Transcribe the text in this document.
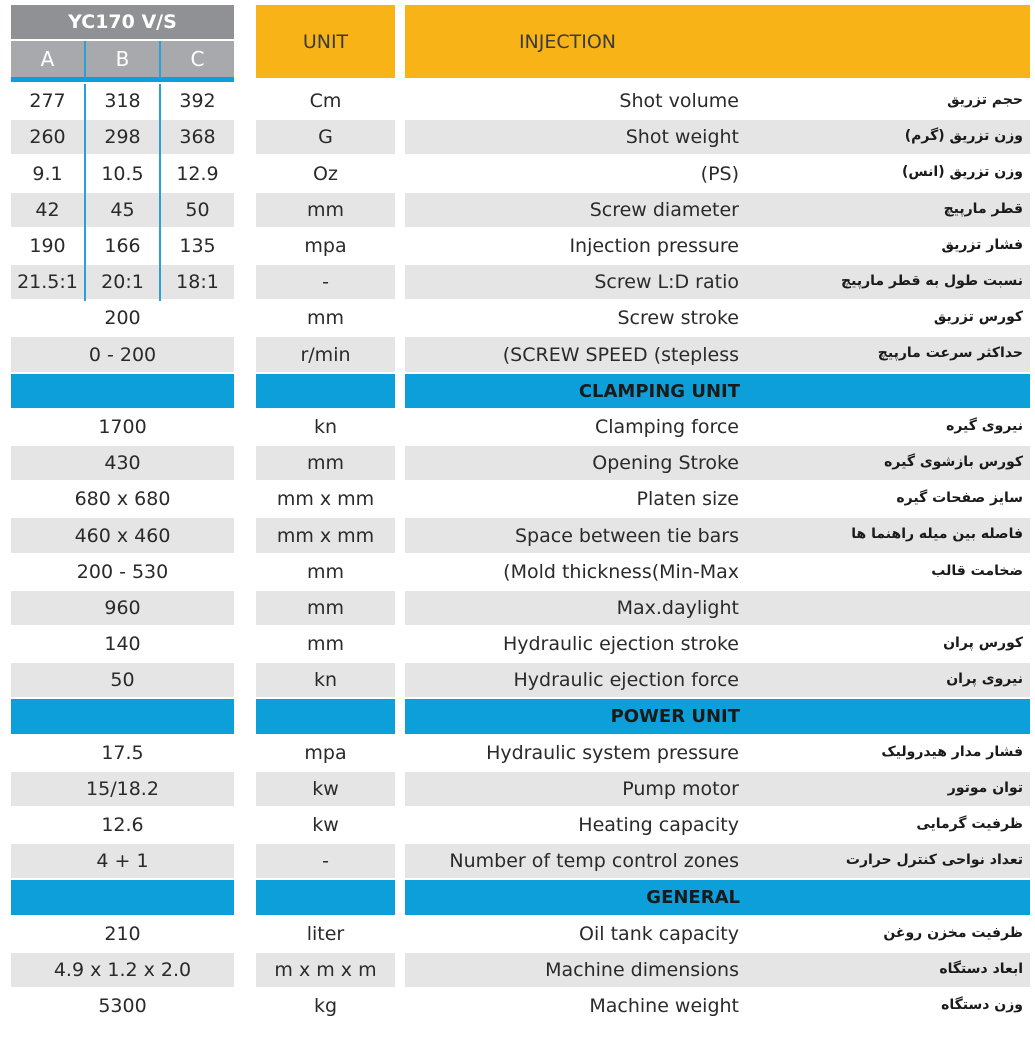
YC170 V/S
A	B	C
UNIT	INJECTION
277	318	392	Cm	Shot volume	حجم تزریق
260	298	368	G	Shot weight	وزن تزریق (گرم)
9.1	10.5	12.9	Oz	(PS)	وزن تزریق (انس)
42	45	50	mm	Screw diameter	قطر مارپیچ
190	166	135	mpa	Injection pressure	فشار تزریق
21.5:1	20:1	18:1	-	Screw L:D ratio	نسبت طول به قطر مارپیچ
200	mm	Screw stroke	کورس تزریق
0 - 200	r/min	(SCREW SPEED (stepless	حداکثر سرعت مارپیچ
CLAMPING UNIT
1700	kn	Clamping force	نیروی گیره
430	mm	Opening Stroke	کورس بازشوی گیره
680 x 680	mm x mm	Platen size	سایز صفحات گیره
460 x 460	mm x mm	Space between tie bars	فاصله بین میله راهنما ها
200 - 530	mm	(Mold thickness(Min-Max	ضخامت قالب
960	mm	Max.daylight
140	mm	Hydraulic ejection stroke	کورس پران
50	kn	Hydraulic ejection force	نیروی پران
POWER UNIT
17.5	mpa	Hydraulic system pressure	فشار مدار هیدرولیک
15/18.2	kw	Pump motor	توان موتور
12.6	kw	Heating capacity	ظرفیت گرمایی
4 + 1	-	Number of temp control zones	تعداد نواحی کنترل حرارت
GENERAL
210	liter	Oil tank capacity	ظرفیت مخزن روغن
4.9 x 1.2 x 2.0	m x m x m	Machine dimensions	ابعاد دستگاه
5300	kg	Machine weight	وزن دستگاه
